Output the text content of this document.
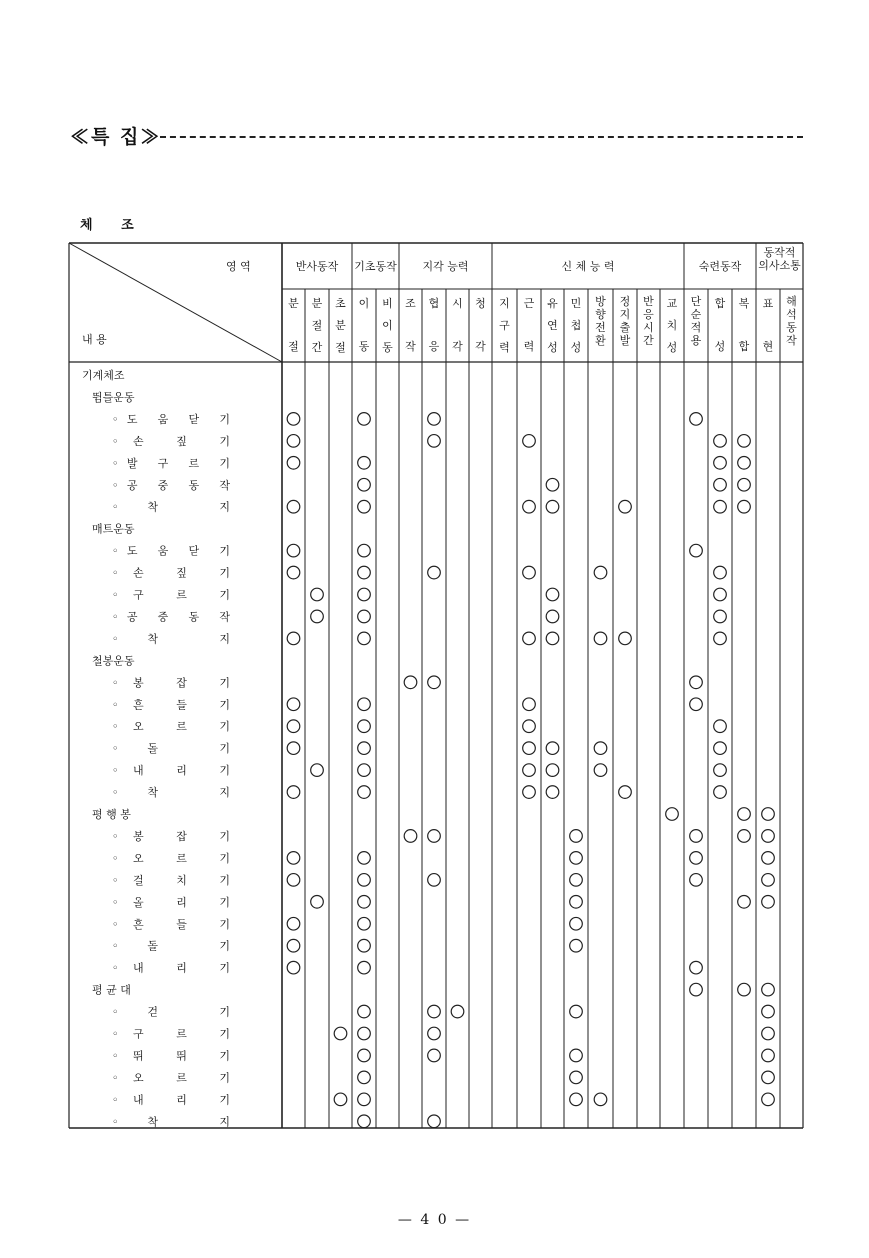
≪특 집≫
체 조
영 역
내 용
반사동작 기초동작 지각 능력	신 체 능 력	숙련동작
동작적
의사소통
분
절
분
절
간
초
분
절
이
동
비
이
동
조
작
협
응
시
각
청
각
지
구
력
근
력
유
연
성
민
첩
성
방
향
전
환
정
지
출
발
반
응
시
간
교
치
성
단
순
적
용
합
성
복
합
표
현
해
석
동
작
기계체조
뜀틀운동
◦도 움 닫 기
◦손 짚 기
◦발 구 르 기
◦공 중 동 작
◦착 지
매트운동
◦도 움 닫 기
◦손 짚 기
◦구 르 기
◦공 중 동 작
◦착 지
철봉운동
◦봉 잡 기
◦흔 들 기
◦오 르 기
◦돌 기
◦내 리 기
◦착 지
평 행 봉
◦봉 잡 기
◦오 르 기
◦걸 치 기
◦올 리 기
◦흔 들 기
◦돌 기
◦내 리 기
평 균 대
◦걷 기
◦구 르 기
◦뛰 뛰 기
◦오 르 기
◦내 리 기
◦착 지
— 4 0 —
